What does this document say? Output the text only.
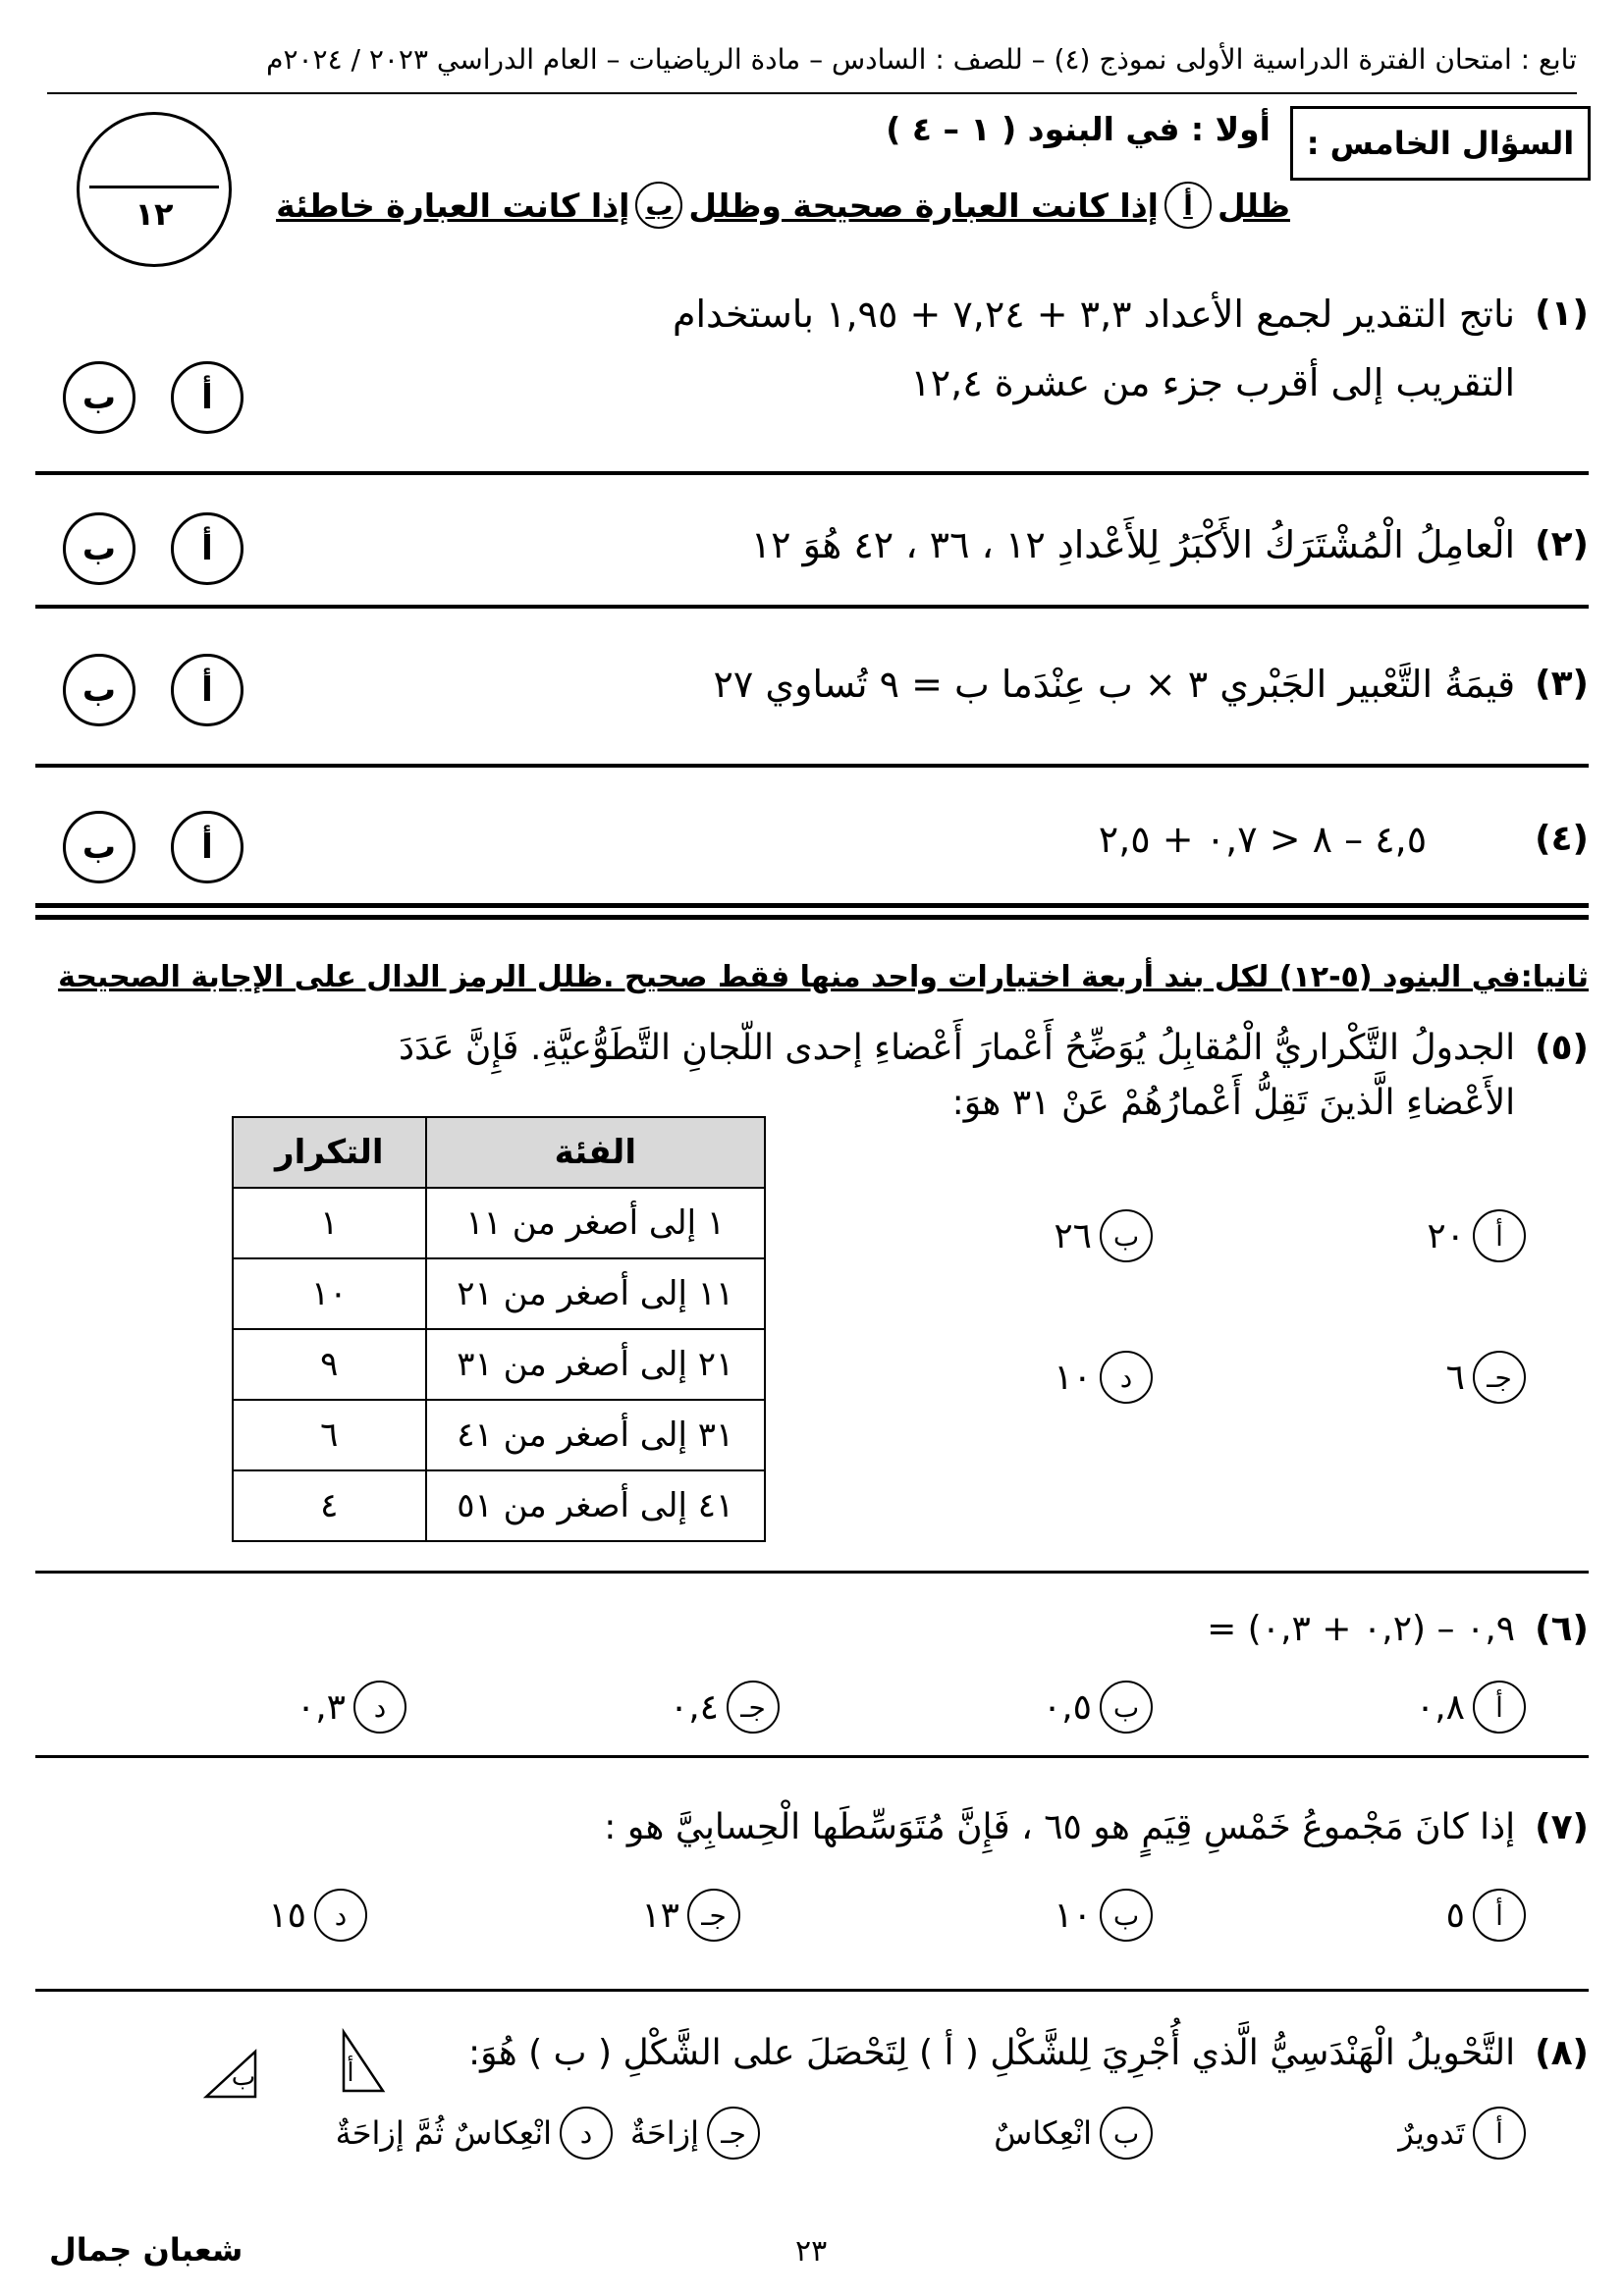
تابع : امتحان الفترة الدراسية الأولى نموذج (٤) – للصف : السادس – مادة الرياضيات – العام الدراسي ٢٠٢٣ / ٢٠٢٤م
السؤال الخامس :
أولا : في البنود ( ١ – ٤ )
ظلل
أ
إذا كانت العبارة صحيحة وظلل
ب
إذا كانت العبارة خاطئة
١٢
(١)
ناتج التقدير لجمع الأعداد ٣,٣ + ٧,٢٤ + ١,٩٥ باستخدام
التقريب إلى أقرب جزء من عشرة ١٢,٤
أ
ب
(٢)
الْعامِلُ الْمُشْتَرَكُ الأَكْبَرُ لِلأَعْدادِ ١٢ ، ٣٦ ، ٤٢ هُوَ ١٢
أ
ب
(٣)
قيمَةُ التَّعْبير الجَبْري ٣ × ب عِنْدَما ب = ٩ تُساوي ٢٧
أ
ب
(٤)
٤,٥ – ٨ < ٠,٧ + ٢,٥
أ
ب
ثانيا:في البنود (٥-١٢) لكل بند أربعة اختيارات واحد منها فقط صحيح .ظلل الرمز الدال على الإجابة الصحيحة
(٥)
الجدولُ التَّكْراريُّ الْمُقابِلُ يُوَضِّحُ أَعْمارَ أَعْضاءِ إحدى اللّجانِ التَّطَوُّعيَّةِ. فَإِنَّ عَدَدَ
الأَعْضاءِ الَّذينَ تَقِلُّ أَعْمارُهُمْ عَنْ ٣١ هوَ:
الفئة	التكرار
١ إلى أصغر من ١١	١
١١ إلى أصغر من ٢١	١٠
٢١ إلى أصغر من ٣١	٩
٣١ إلى أصغر من ٤١	٦
٤١ إلى أصغر من ٥١	٤
أ
٢٠
ب
٢٦
جـ
٦
د
١٠
(٦)
٠,٩ – (٠,٢ + ٠,٣) =
أ
٠,٨
ب
٠,٥
جـ
٠,٤
د
٠,٣
(٧)
إذا كانَ مَجْموعُ خَمْسِ قِيَمٍ هو ٦٥ ، فَإِنَّ مُتَوَسِّطَها الْحِسابِيَّ هو :
أ
٥
ب
١٠
جـ
١٣
د
١٥
(٨)
التَّحْويلُ الْهَنْدَسِيُّ الَّذي أُجْرِيَ لِلشَّكْلِ ( أ ) لِتَحْصَلَ على الشَّكْلِ ( ب ) هُوَ:
أ
ب
أ
تَدويرٌ
ب
انْعِكاسٌ
جـ
إزاحَةٌ
د
انْعِكاسٌ ثُمَّ إزاحَةٌ
شعبان جمال	٢٣
